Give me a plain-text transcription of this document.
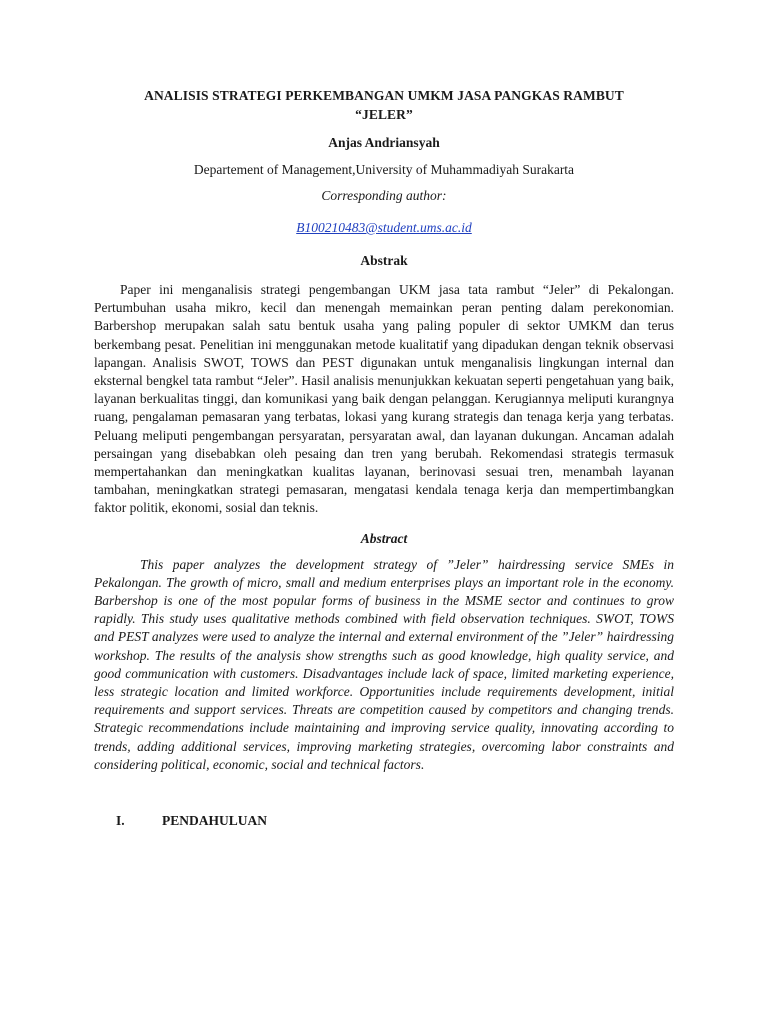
ANALISIS STRATEGI PERKEMBANGAN UMKM JASA PANGKAS RAMBUT
“JELER”

Anjas Andriansyah

Departement of Management,University of Muhammadiyah Surakarta

Corresponding author:

B100210483@student.ums.ac.id

Abstrak

Paper ini menganalisis strategi pengembangan UKM jasa tata rambut “Jeler” di Pekalongan. Pertumbuhan usaha mikro, kecil dan menengah memainkan peran penting dalam perekonomian. Barbershop merupakan salah satu bentuk usaha yang paling populer di sektor UMKM dan terus berkembang pesat. Penelitian ini menggunakan metode kualitatif yang dipadukan dengan teknik observasi lapangan. Analisis SWOT, TOWS dan PEST digunakan untuk menganalisis lingkungan internal dan eksternal bengkel tata rambut “Jeler”. Hasil analisis menunjukkan kekuatan seperti pengetahuan yang baik, layanan berkualitas tinggi, dan komunikasi yang baik dengan pelanggan. Kerugiannya meliputi kurangnya ruang, pengalaman pemasaran yang terbatas, lokasi yang kurang strategis dan tenaga kerja yang terbatas. Peluang meliputi pengembangan persyaratan, persyaratan awal, dan layanan dukungan. Ancaman adalah persaingan yang disebabkan oleh pesaing dan tren yang berubah. Rekomendasi strategis termasuk mempertahankan dan meningkatkan kualitas layanan, berinovasi sesuai tren, menambah layanan tambahan, meningkatkan strategi pemasaran, mengatasi kendala tenaga kerja dan mempertimbangkan faktor politik, ekonomi, sosial dan teknis.

Abstract

This paper analyzes the development strategy of ”Jeler” hairdressing service SMEs in Pekalongan. The growth of micro, small and medium enterprises plays an important role in the economy. Barbershop is one of the most popular forms of business in the MSME sector and continues to grow rapidly. This study uses qualitative methods combined with field observation techniques. SWOT, TOWS and PEST analyzes were used to analyze the internal and external environment of the ”Jeler” hairdressing workshop. The results of the analysis show strengths such as good knowledge, high quality service, and good communication with customers. Disadvantages include lack of space, limited marketing experience, less strategic location and limited workforce. Opportunities include requirements development, initial requirements and support services. Threats are competition caused by competitors and changing trends. Strategic recommendations include maintaining and improving service quality, innovating according to trends, adding additional services, improving marketing strategies, overcoming labor constraints and considering political, economic, social and technical factors.

I.	PENDAHULUAN
